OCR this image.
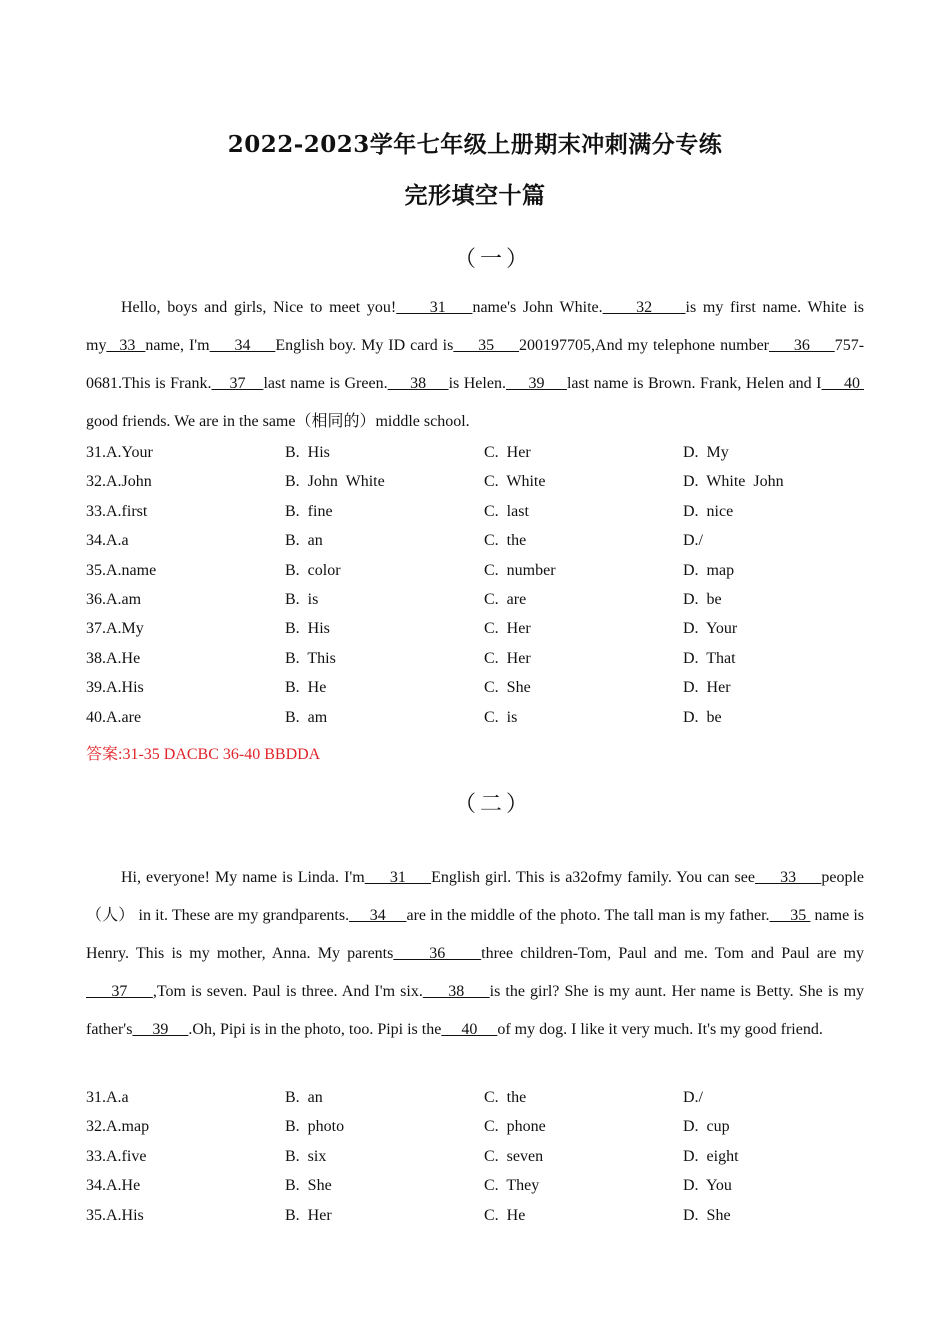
2022-2023学年七年级上册期末冲刺满分专练
完形填空十篇
（一）
Hello, boys and girls, Nice to meet you!     31    name's John White.     32     is my first name. White is my_ 33  name, I'm     34     English boy. My ID card is     35     200197705,And my telephone number     36     757-0681.This is Frank.    37    last name is Green.     38     is Helen.     39     last name is Brown. Frank, Helen and I     40  good friends. We are in the same（相同的）middle school.
31.A.Your	B.  His	C.  Her	D.  My
32.A.John	B.  John  White	C.  White	D.  White  John
33.A.first	B.  fine	C.  last	D.  nice
34.A.a	B.  an	C.  the	D./
35.A.name	B.  color	C.  number	D.  map
36.A.am	B.  is	C.  are	D.  be
37.A.My	B.  His	C.  Her	D.  Your
38.A.He	B.  This	C.  Her	D.  That
39.A.His	B.  He	C.  She	D.  Her
40.A.are	B.  am	C.  is	D.  be
答案:31-35 DACBC 36-40 BBDDA
（二）
Hi, everyone! My name is Linda. I'm     31     English girl. This is a32ofmy family. You can see     33     people（人） in it. These are my grandparents.     34     are in the middle of the photo. The tall man is my father.     35  name is Henry. This is my mother, Anna. My parents     36     three children-Tom, Paul and me. Tom and Paul are my     37     ,Tom is seven. Paul is three. And I'm six.     38     is the girl? She is my aunt. Her name is Betty. She is my father's     39     .Oh, Pipi is in the photo, too. Pipi is the     40     of my dog. I like it very much. It's my good friend.
31.A.a	B.  an	C.  the	D./
32.A.map	B.  photo	C.  phone	D.  cup
33.A.five	B.  six	C.  seven	D.  eight
34.A.He	B.  She	C.  They	D.  You
35.A.His	B.  Her	C.  He	D.  She
